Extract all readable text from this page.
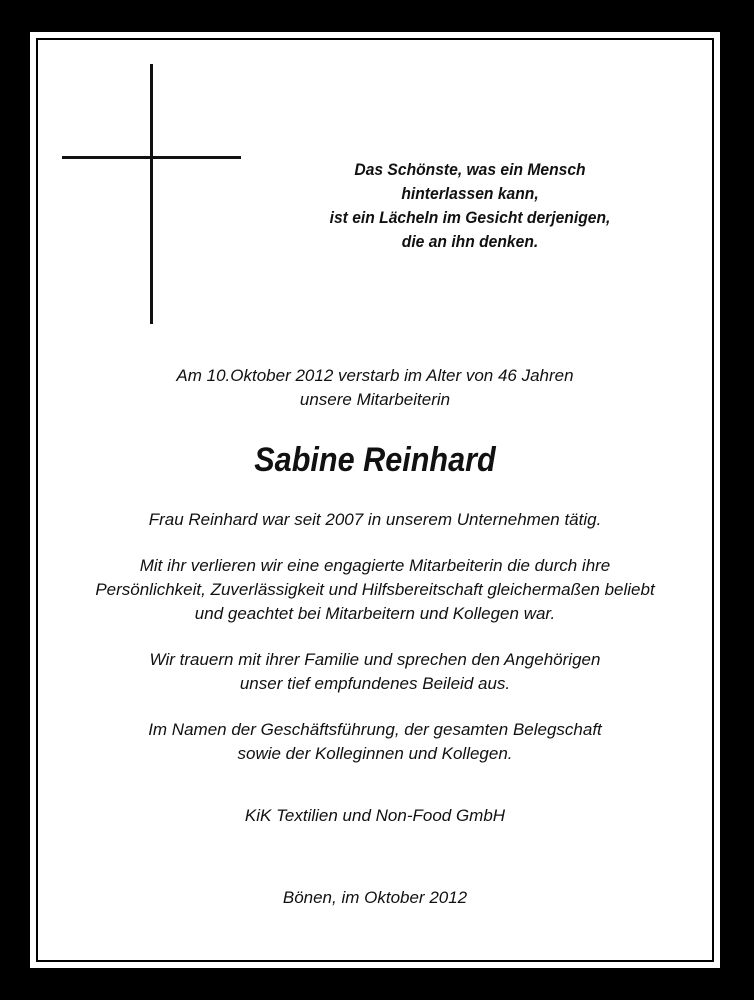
Das Schönste, was ein Mensch
hinterlassen kann,
ist ein Lächeln im Gesicht derjenigen,
die an ihn denken.
Am 10.Oktober 2012 verstarb im Alter von 46 Jahren
unsere Mitarbeiterin
Sabine Reinhard
Frau Reinhard war seit 2007 in unserem Unternehmen tätig.
Mit ihr verlieren wir eine engagierte Mitarbeiterin die durch ihre
Persönlichkeit, Zuverlässigkeit und Hilfsbereitschaft gleichermaßen beliebt
und geachtet bei Mitarbeitern und Kollegen war.
Wir trauern mit ihrer Familie und sprechen den Angehörigen
unser tief empfundenes Beileid aus.
Im Namen der Geschäftsführung, der gesamten Belegschaft
sowie der Kolleginnen und Kollegen.
KiK Textilien und Non-Food GmbH
Bönen, im Oktober 2012
